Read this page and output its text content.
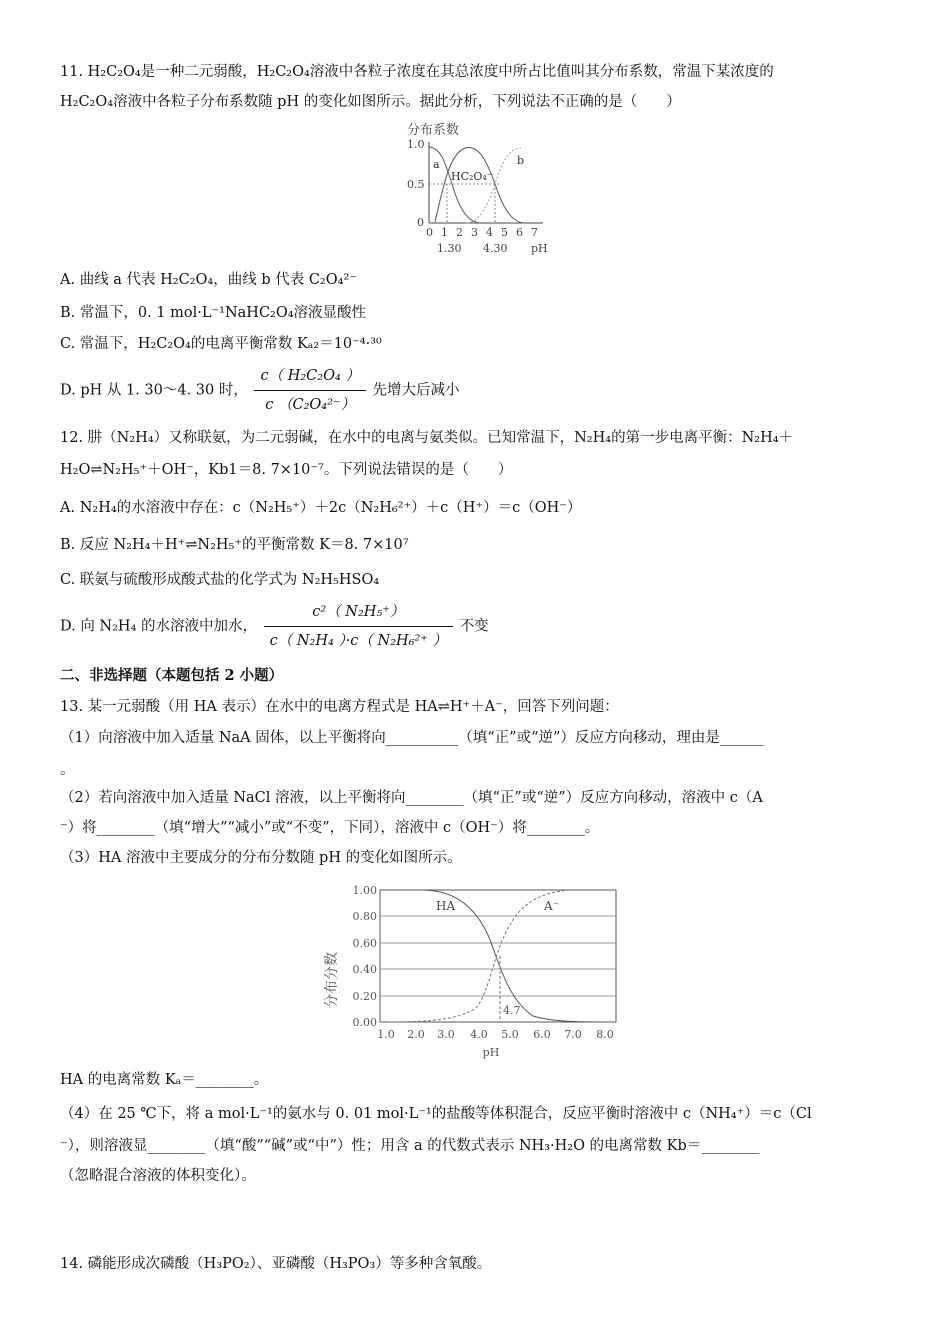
11. H₂C₂O₄是一种二元弱酸，H₂C₂O₄溶液中各粒子浓度在其总浓度中所占比值叫其分布系数，常温下某浓度的
H₂C₂O₄溶液中各粒子分布系数随 pH 的变化如图所示。据此分析，下列说法不正确的是（　　）
分布系数
1.0
0.5
0
a	b
HC₂O₄⁻
0 1 2 3 4 5 6 7
1.30 4.30 pH
A. 曲线 a 代表 H₂C₂O₄，曲线 b 代表 C₂O₄²⁻
B. 常温下，0. 1 mol·L⁻¹NaHC₂O₄溶液显酸性
C. 常温下，H₂C₂O₄的电离平衡常数 Kₐ₂＝10⁻⁴·³⁰
D. pH 从 1. 30～4. 30 时， $\frac{\text{c（ H₂C₂O₄ ）}}{\text{c （C₂O₄²⁻）}}$ 先增大后减小
12. 肼（N₂H₄）又称联氨，为二元弱碱，在水中的电离与氨类似。已知常温下，N₂H₄的第一步电离平衡：N₂H₄＋
H₂O⇌N₂H₅⁺＋OH⁻，Kb1＝8. 7×10⁻⁷。下列说法错误的是（　　）
A. N₂H₄的水溶液中存在：c（N₂H₅⁺）＋2c（N₂H₆²⁺）＋c（H⁺）＝c（OH⁻）
B. 反应 N₂H₄＋H⁺⇌N₂H₅⁺的平衡常数 K＝8. 7×10⁷
C. 联氨与硫酸形成酸式盐的化学式为 N₂H₅HSO₄
D. 向 N₂H₄ 的水溶液中加水， $\frac{\text{c²（ N₂H₅⁺）}}{\text{c（ N₂H₄ ）·c（ N₂H₆²⁺ ）}}$ 不变
二、非选择题（本题包括 2 小题）
13. 某一元弱酸（用 HA 表示）在水中的电离方程式是 HA⇌H⁺＋A⁻，回答下列问题：
（1）向溶液中加入适量 NaA 固体，以上平衡将向__________（填“正”或“逆”）反应方向移动，理由是______
。
（2）若向溶液中加入适量 NaCl 溶液，以上平衡将向________（填“正”或“逆”）反应方向移动，溶液中 c（A
⁻）将________（填“增大”“减小”或“不变”，下同），溶液中 c（OH⁻）将________。
（3）HA 溶液中主要成分的分布分数随 pH 的变化如图所示。
分布分数
1.00
0.80
0.60
0.40
0.20
0.00
4.7
HA	A⁻
1.0 2.0 3.0 4.0 5.0 6.0 7.0 8.0
pH
HA 的电离常数 Kₐ＝________。
（4）在 25 ℃下，将 a mol·L⁻¹的氨水与 0. 01 mol·L⁻¹的盐酸等体积混合，反应平衡时溶液中 c（NH₄⁺）＝c（Cl
⁻），则溶液显________（填“酸”“碱”或“中”）性；用含 a 的代数式表示 NH₃·H₂O 的电离常数 Kb＝________
（忽略混合溶液的体积变化）。
14. 磷能形成次磷酸（H₃PO₂）、亚磷酸（H₃PO₃）等多种含氧酸。
